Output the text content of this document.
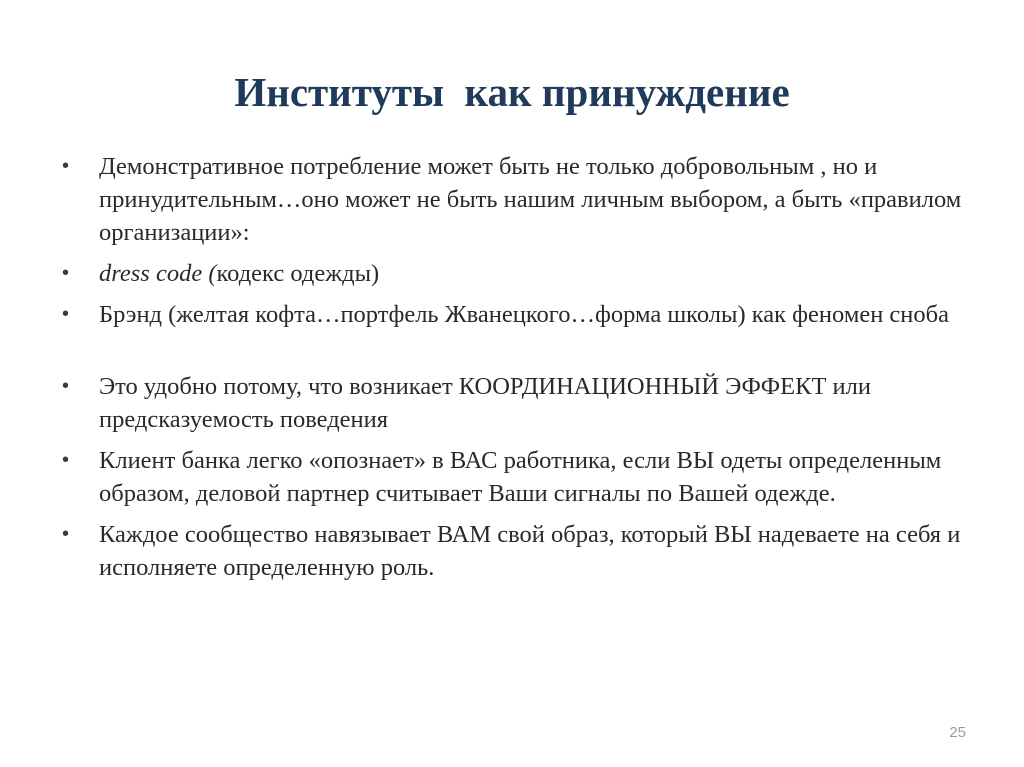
Институты  как принуждение
• Демонстративное потребление может быть не только добровольным , но и принудительным…оно может не быть нашим личным выбором, а быть «правилом организации»:
• dress code (кодекс одежды)
• Брэнд (желтая кофта…портфель Жванецкого…форма школы) как феномен сноба
• Это удобно потому, что возникает КООРДИНАЦИОННЫЙ ЭФФЕКТ или предсказуемость поведения
• Клиент банка легко «опознает» в ВАС работника, если ВЫ одеты определенным образом, деловой партнер считывает Ваши сигналы по Вашей одежде.
• Каждое сообщество навязывает ВАМ свой образ, который ВЫ надеваете на себя и исполняете определенную роль.
25
